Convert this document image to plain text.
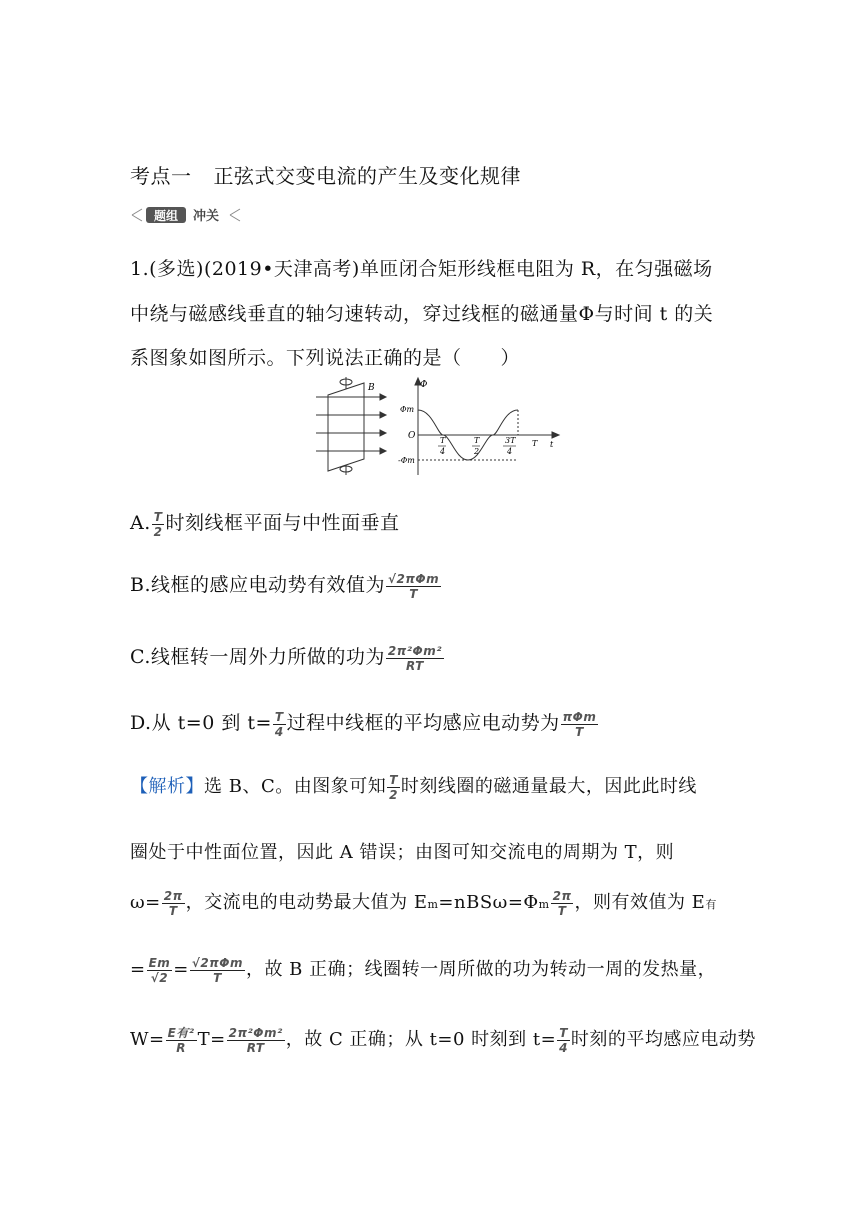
考点一 正弦式交变电流的产生及变化规律
题组 冲关
1.(多选)(2019•天津高考)单匝闭合矩形线框电阻为 R，在匀强磁场
中绕与磁感线垂直的轴匀速转动，穿过线框的磁通量Φ与时间 t 的关
系图象如图所示。下列说法正确的是（　　）
B	Φ
Φm
-Φm
O	T
4
T
2
3T
4
T t
A. $\frac{T}{2}$ 时刻线框平面与中性面垂直
B.线框的感应电动势有效值为 $\frac{\text{√2πΦm}}{T}$
C.线框转一周外力所做的功为 $\frac{\text{2π²Φm²}}{RT}$
D.从 t=0 到 $t= \frac{T}{4}$ 过程中线框的平均感应电动势为 $\frac{\text{πΦm}}{T}$
【解析】选 B、C。由图象可知 $\frac{T}{2}$ 时刻线圈的磁通量最大，因此此时线
圈处于中性面位置，因此 A 错误；由图可知交流电的周期为 T，则
$\omega= \frac{2\pi}{T}$ ，交流电的电动势最大值为 $Em=nBS\omega=\Phi m \frac{2\pi}{T}$ ，则有效值为 E有
= $\frac{Em}{√2} = \frac{\text{√2πΦm}}{T}$ ，故 B 正确；线圈转一周所做的功为转动一周的发热量，
$W= \frac{\text{E有²}}{R} T= \frac{\text{2π²Φm²}}{RT}$ ，故 C 正确；从 t=0 时刻到 $t= \frac{T}{4}$ 时刻的平均感应电动势
